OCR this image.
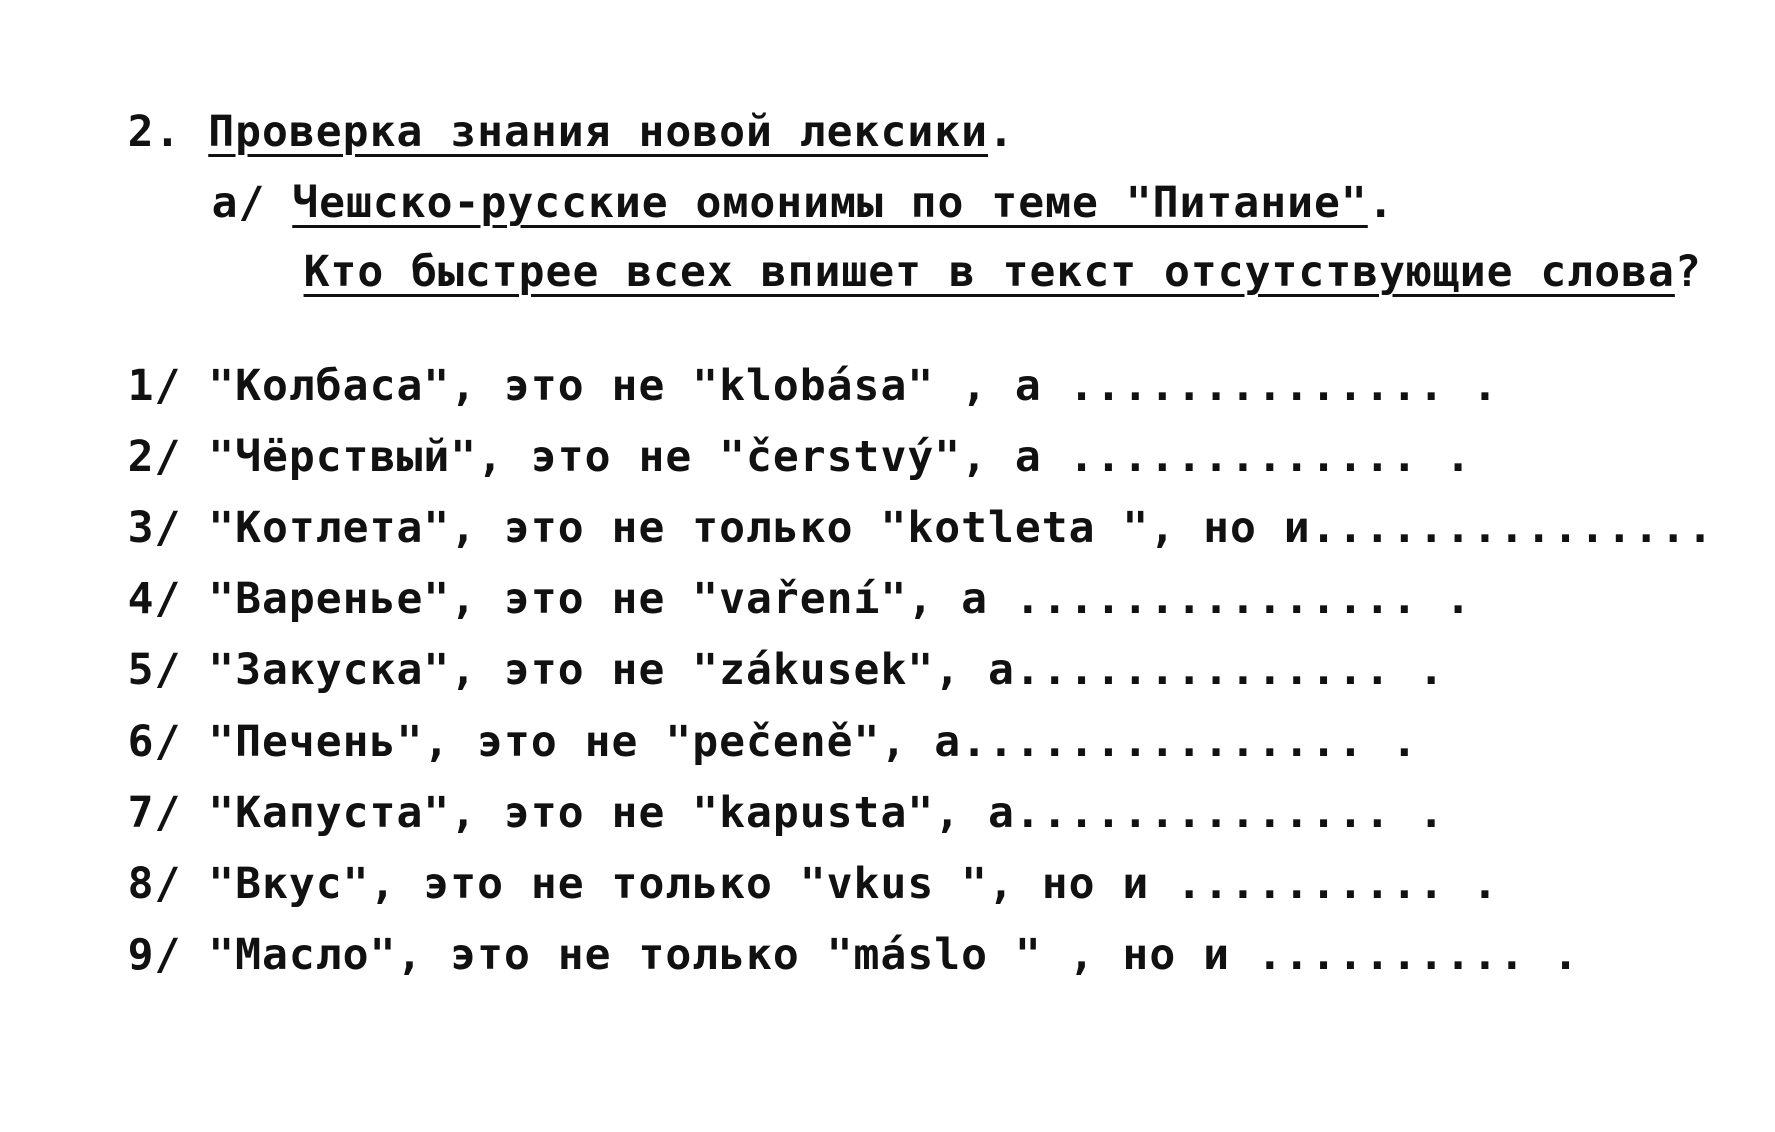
2. Проверка знания новой лексики.

а/ Чешско-русские омонимы по теме "Питание".

Кто быстрее всех впишет в текст отсутствующие слова?

1/ "Колбаса", это не "klobása" , а .............. .

2/ "Чёрствый", это не "čerstvý", а ............. .

3/ "Котлета", это не только "kotleta ", но и...............

4/ "Варенье", это не "vaření", а ............... .

5/ "Закуска", это не "zákusek", а.............. .

6/ "Печень", это не "pečeně", а............... .

7/ "Капуста", это не "kapusta", а.............. .

8/ "Вкус", это не только "vkus ", но и .......... .

9/ "Масло", это не только "máslo " , но и .......... .
